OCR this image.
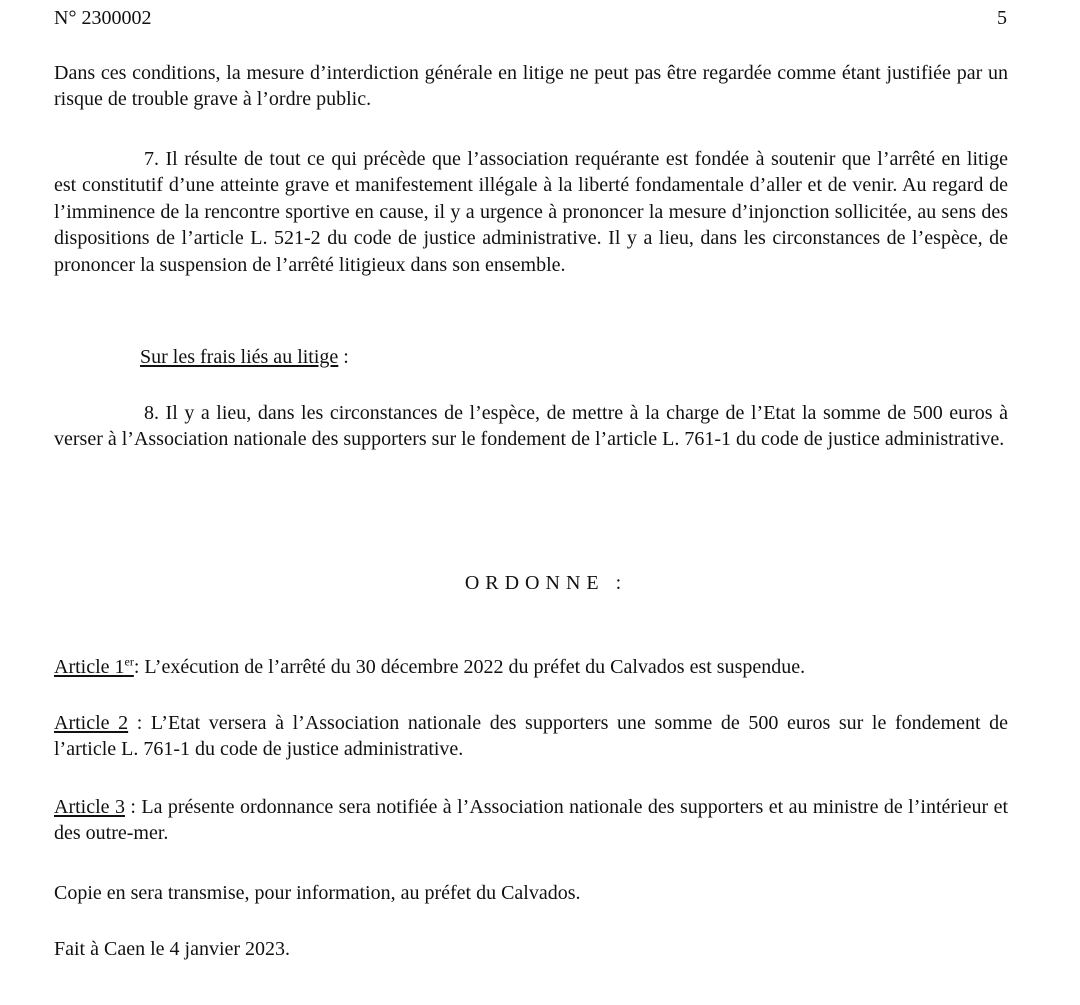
N° 2300002	5

Dans ces conditions, la mesure d’interdiction générale en litige ne peut pas être regardée comme étant justifiée par un risque de trouble grave à l’ordre public.

7. Il résulte de tout ce qui précède que l’association requérante est fondée à soutenir que l’arrêté en litige est constitutif d’une atteinte grave et manifestement illégale à la liberté fondamentale d’aller et de venir. Au regard de l’imminence de la rencontre sportive en cause, il y a urgence à prononcer la mesure d’injonction sollicitée, au sens des dispositions de l’article L. 521-2 du code de justice administrative. Il y a lieu, dans les circonstances de l’espèce, de prononcer la suspension de l’arrêté litigieux dans son ensemble.

Sur les frais liés au litige :

8. Il y a lieu, dans les circonstances de l’espèce, de mettre à la charge de l’Etat la somme de 500 euros à verser à l’Association nationale des supporters sur le fondement de l’article L. 761-1 du code de justice administrative.

ORDONNE :

Article 1er: L’exécution de l’arrêté du 30 décembre 2022 du préfet du Calvados est suspendue.

Article 2 : L’Etat versera à l’Association nationale des supporters une somme de 500 euros sur le fondement de l’article L. 761-1 du code de justice administrative.

Article 3 : La présente ordonnance sera notifiée à l’Association nationale des supporters et au ministre de l’intérieur et des outre-mer.

Copie en sera transmise, pour information, au préfet du Calvados.

Fait à Caen le 4 janvier 2023.
